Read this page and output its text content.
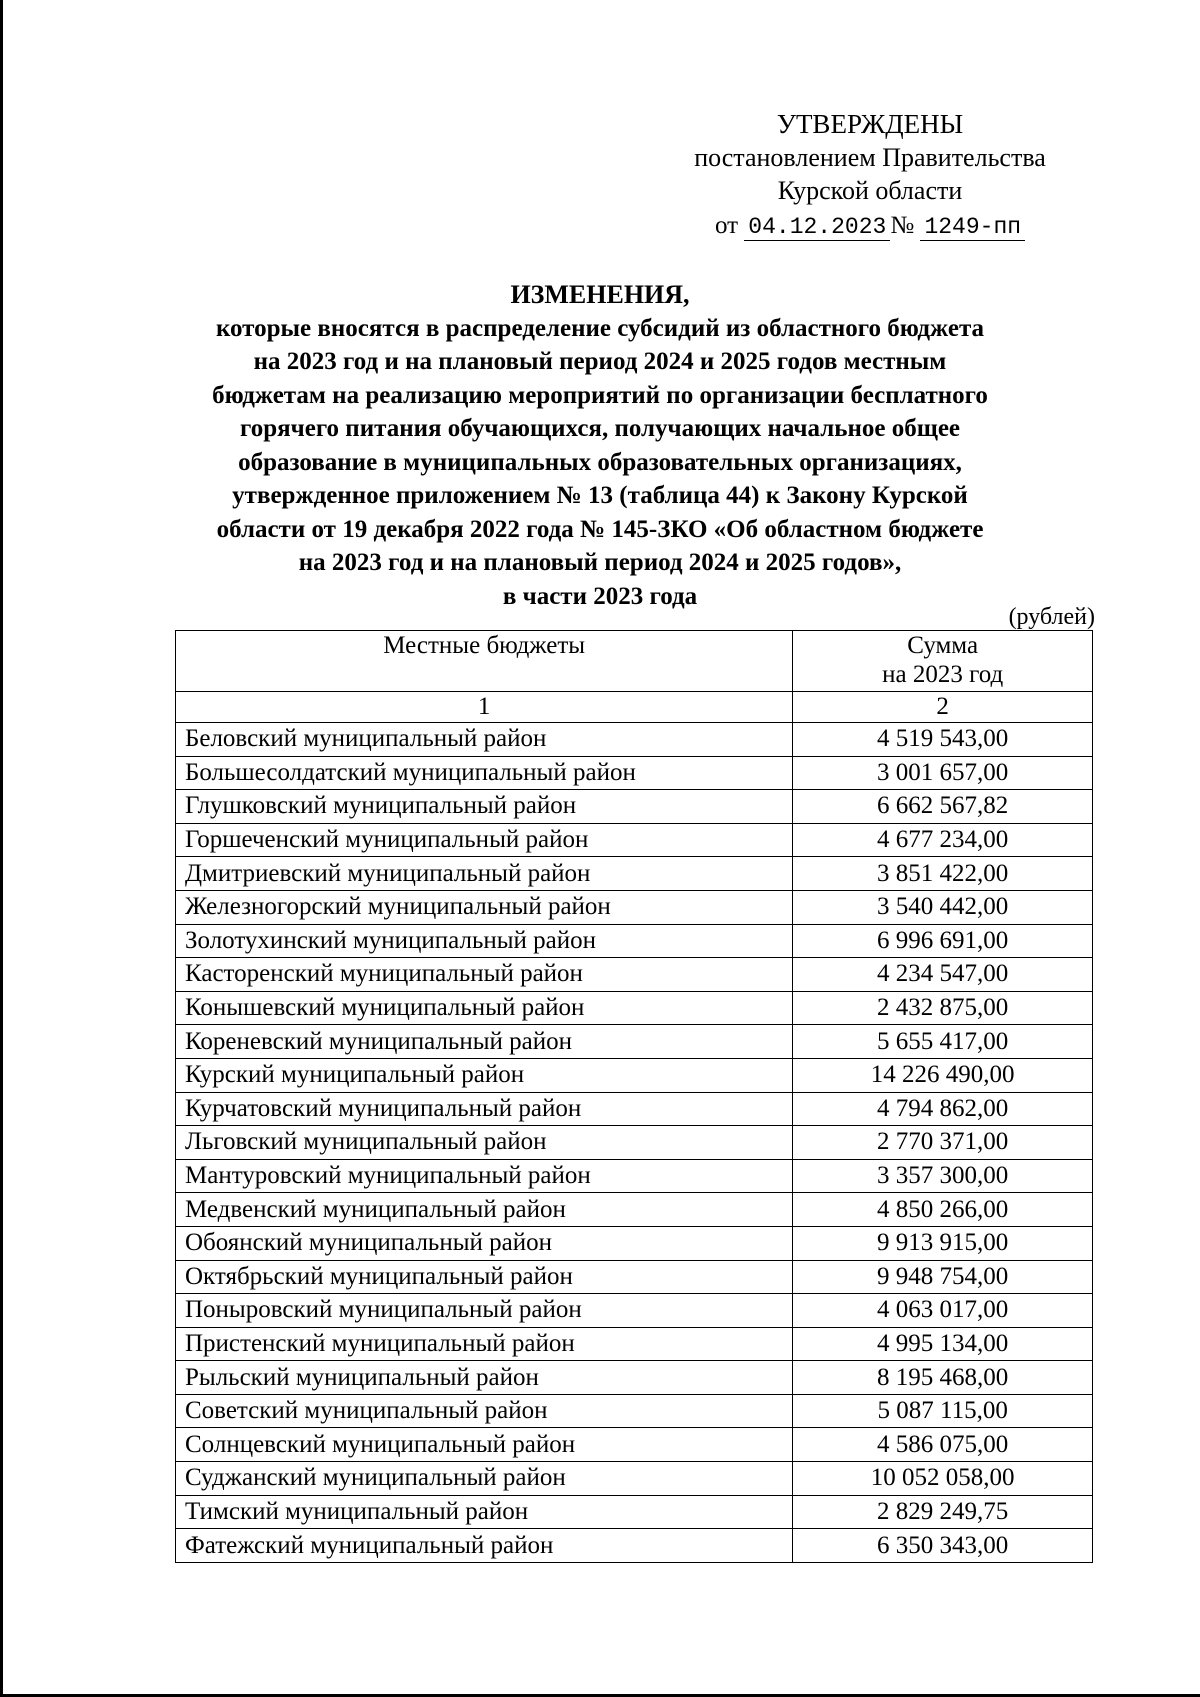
УТВЕРЖДЕНЫ
постановлением Правительства
Курской области
от 04.12.2023 № 1249-пп
ИЗМЕНЕНИЯ,
которые вносятся в распределение субсидий из областного бюджета
на 2023 год и на плановый период 2024 и 2025 годов местным
бюджетам на реализацию мероприятий по организации бесплатного
горячего питания обучающихся, получающих начальное общее
образование в муниципальных образовательных организациях,
утвержденное приложением № 13 (таблица 44) к Закону Курской
области от 19 декабря 2022 года № 145-ЗКО «Об областном бюджете
на 2023 год и на плановый период 2024 и 2025 годов»,
в части 2023 года
(рублей)
Местные бюджеты	Сумма
на 2023 год

1	2
Беловский муниципальный район	4 519 543,00
Большесолдатский муниципальный район	3 001 657,00
Глушковский муниципальный район	6 662 567,82
Горшеченский муниципальный район	4 677 234,00
Дмитриевский муниципальный район	3 851 422,00
Железногорский муниципальный район	3 540 442,00
Золотухинский муниципальный район	6 996 691,00
Касторенский муниципальный район	4 234 547,00
Конышевский муниципальный район	2 432 875,00
Кореневский муниципальный район	5 655 417,00
Курский муниципальный район	14 226 490,00
Курчатовский муниципальный район	4 794 862,00
Льговский муниципальный район	2 770 371,00
Мантуровский муниципальный район	3 357 300,00
Медвенский муниципальный район	4 850 266,00
Обоянский муниципальный район	9 913 915,00
Октябрьский муниципальный район	9 948 754,00
Поныровский муниципальный район	4 063 017,00
Пристенский муниципальный район	4 995 134,00
Рыльский муниципальный район	8 195 468,00
Советский муниципальный район	5 087 115,00
Солнцевский муниципальный район	4 586 075,00
Суджанский муниципальный район	10 052 058,00
Тимский муниципальный район	2 829 249,75
Фатежский муниципальный район	6 350 343,00
